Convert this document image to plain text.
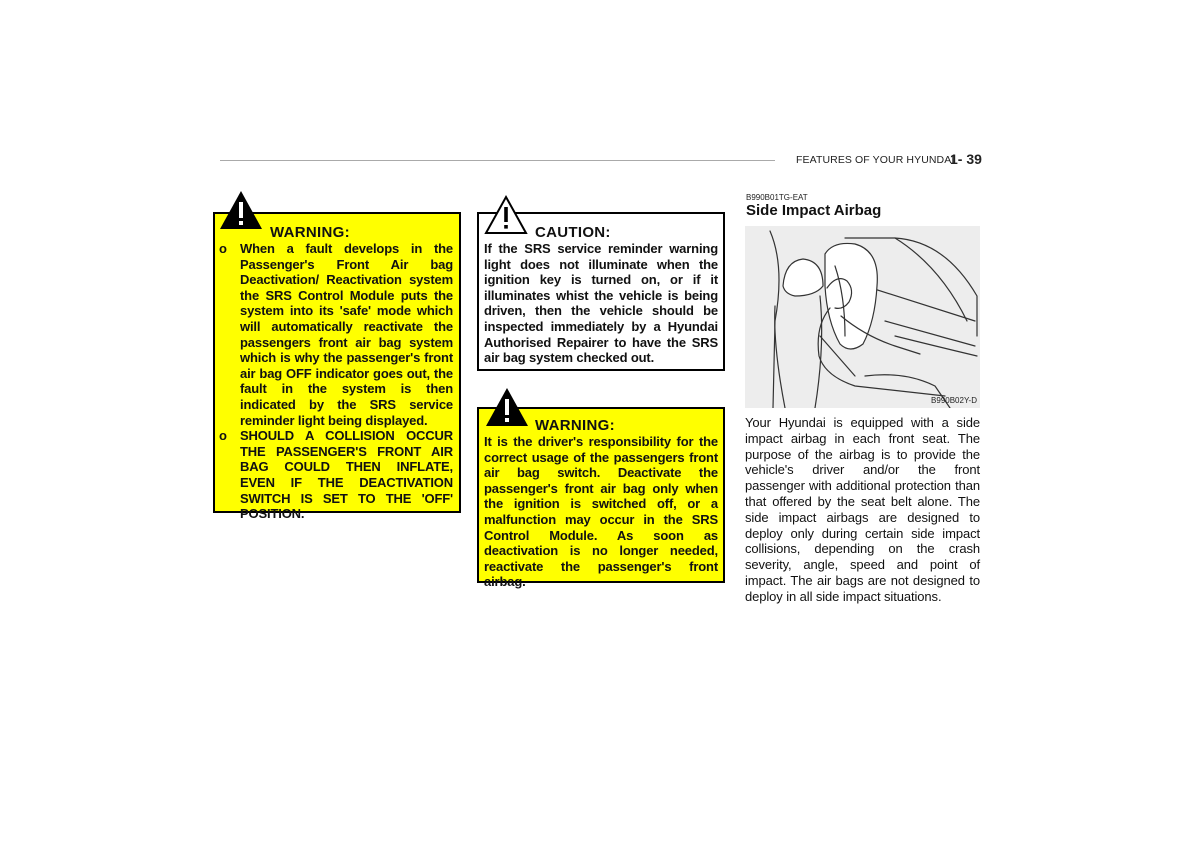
FEATURES OF YOUR HYUNDAI
1- 39
WARNING:
o When a fault develops in the Passenger's Front Air bag Deactivation/ Reactivation system the SRS Control Module puts the system into its 'safe' mode which will automatically reactivate the passengers front air bag system which is why the passenger's front air bag OFF indicator goes out, the fault in the system is then indicated by the SRS service reminder light being displayed.
o SHOULD A COLLISION OCCUR THE PASSENGER'S FRONT AIR BAG COULD THEN INFLATE, EVEN IF THE DEACTIVATION SWITCH IS SET TO THE 'OFF' POSITION.
CAUTION:
If the SRS service reminder warning light does not illuminate when the ignition key is turned on, or if it illuminates whist the vehicle is being driven, then the vehicle should be inspected immediately by a Hyundai Authorised Repairer to have the SRS air bag system checked out.
WARNING:
It is the driver's responsibility for the correct usage of the passengers front air bag switch. Deactivate the passenger's front air bag only when the ignition is switched off, or a malfunction may occur in the SRS Control Module. As soon as deactivation is no longer needed, reactivate the passenger's front airbag.
B990B01TG-EAT
Side Impact Airbag
B990B02Y-D
Your Hyundai is equipped with a side impact airbag in each front seat. The purpose of the airbag is to provide the vehicle's driver and/or the front passenger with additional protection than that offered by the seat belt alone. The side impact airbags are designed to deploy only during certain side impact collisions, depending on the crash severity, angle, speed and point of impact. The air bags are not designed to deploy in all side impact situations.
